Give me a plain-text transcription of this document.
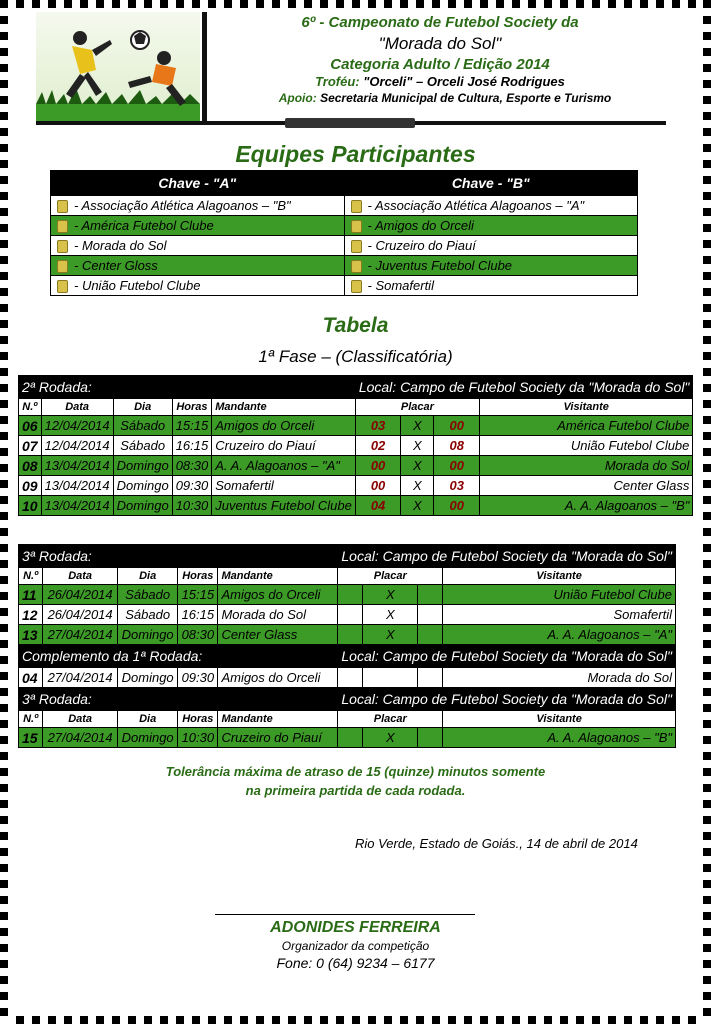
6º - Campeonato de Futebol Society da
"Morada do Sol"
Categoria Adulto / Edição 2014
Troféu: "Orceli" – Orceli José Rodrigues
Apoio: Secretaria Municipal de Cultura, Esporte e Turismo
Equipes Participantes
Chave - "A"	Chave - "B"
- Associação Atlética Alagoanos – "B"	- Associação Atlética Alagoanos – "A"
- América Futebol Clube	- Amigos do Orceli
- Morada do Sol	- Cruzeiro do Piauí
- Center Gloss	- Juventus Futebol Clube
- União Futebol Clube	- Somafertil
Tabela
1ª Fase – (Classificatória)
2ª Rodada:					Local: Campo de Futebol Society da "Morada do Sol"			
N.º	Data	Dia	Horas	Mandante	Placar			Visitante
06	12/04/2014	Sábado	15:15	Amigos do Orceli	03	X	00	América Futebol Clube
07	12/04/2014	Sábado	16:15	Cruzeiro do Piauí	02	X	08	União Futebol Clube
08	13/04/2014	Domingo	08:30	A. A. Alagoanos – "A"	00	X	00	Morada do Sol
09	13/04/2014	Domingo	09:30	Somafertil	00	X	03	Center Glass
10	13/04/2014	Domingo	10:30	Juventus Futebol Clube	04	X	00	A. A. Alagoanos – "B"
3ª Rodada:					Local: Campo de Futebol Society da "Morada do Sol"			
N.º	Data	Dia	Horas	Mandante	Placar			Visitante
11	26/04/2014	Sábado	15:15	Amigos do Orceli		X		União Futebol Clube
12	26/04/2014	Sábado	16:15	Morada do Sol		X		Somafertil
13	27/04/2014	Domingo	08:30	Center Glass		X		A. A. Alagoanos – "A"
Complemento da 1ª Rodada:					Local: Campo de Futebol Society da "Morada do Sol"			
04	27/04/2014	Domingo	09:30	Amigos do Orceli				Morada do Sol
3ª Rodada:					Local: Campo de Futebol Society da "Morada do Sol"			
N.º	Data	Dia	Horas	Mandante	Placar			Visitante
15	27/04/2014	Domingo	10:30	Cruzeiro do Piauí		X		A. A. Alagoanos – "B"
Tolerância máxima de atraso de 15 (quinze) minutos somente
na primeira partida de cada rodada.
Rio Verde, Estado de Goiás., 14 de abril de 2014
ADONIDES FERREIRA
Organizador da competição
Fone: 0 (64) 9234 – 6177
